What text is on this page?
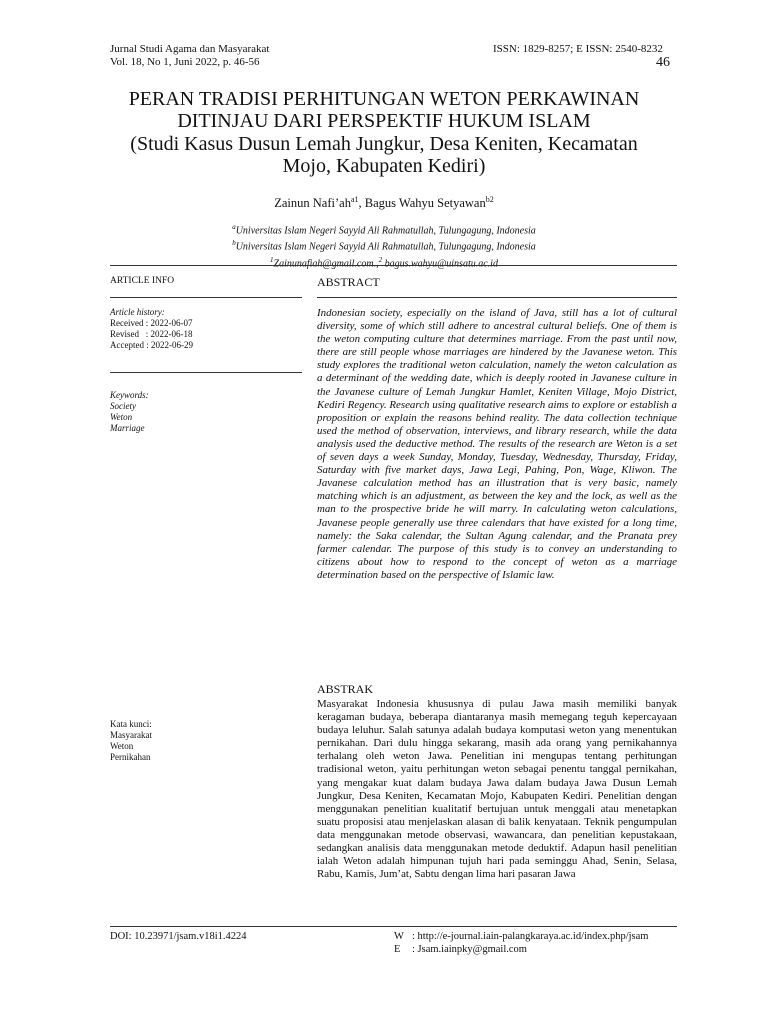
Jurnal Studi Agama dan Masyarakat
Vol. 18, No 1, Juni 2022, p. 46-56
ISSN: 1829-8257; E ISSN: 2540-8232
46
PERAN TRADISI PERHITUNGAN WETON PERKAWINAN
DITINJAU DARI PERSPEKTIF HUKUM ISLAM
(Studi Kasus Dusun Lemah Jungkur, Desa Keniten, Kecamatan
Mojo, Kabupaten Kediri)
Zainun $Nafi’ah^{a1}$, Bagus Wahyu Setyawan$^{b2}$
$^a$Universitas Islam Negeri Sayyid Ali Rahmatullah, Tulungagung, Indonesia
$^b$Universitas Islam Negeri Sayyid Ali Rahmatullah, Tulungagung, Indonesia
$^1$Zainunafiah@gmail.com.,$^2$ bagus.wahyu@uinsatu.ac.id
ARTICLE INFO
Article history:
Received : 2022-06-07
Revised   : 2022-06-18
Accepted : 2022-06-29
Keywords:
Society
Weton
Marriage
Kata kunci:
Masyarakat
Weton
Pernikahan
ABSTRACT
Indonesian society, especially on the island of Java, still has a lot of cultural diversity, some of which still adhere to ancestral cultural beliefs. One of them is the weton computing culture that determines marriage. From the past until now, there are still people whose marriages are hindered by the Javanese weton. This study explores the traditional weton calculation, namely the weton calculation as a determinant of the wedding date, which is deeply rooted in Javanese culture in the Javanese culture of Lemah Jungkur Hamlet, Keniten Village, Mojo District, Kediri Regency. Research using qualitative research aims to explore or establish a proposition or explain the reasons behind reality. The data collection technique used the method of observation, interviews, and library research, while the data analysis used the deductive method. The results of the research are Weton is a set of seven days a week Sunday, Monday, Tuesday, Wednesday, Thursday, Friday, Saturday with five market days, Jawa Legi, Pahing, Pon, Wage, Kliwon. The Javanese calculation method has an illustration that is very basic, namely matching which is an adjustment, as between the key and the lock, as well as the man to the prospective bride he will marry. In calculating weton calculations, Javanese people generally use three calendars that have existed for a long time, namely: the Saka calendar, the Sultan Agung calendar, and the Pranata prey farmer calendar. The purpose of this study is to convey an understanding to citizens about how to respond to the concept of weton as a marriage determination based on the perspective of Islamic law.
ABSTRAK
Masyarakat Indonesia khususnya di pulau Jawa masih memiliki banyak keragaman budaya, beberapa diantaranya masih memegang teguh kepercayaan budaya leluhur. Salah satunya adalah budaya komputasi weton yang menentukan pernikahan. Dari dulu hingga sekarang, masih ada orang yang pernikahannya terhalang oleh weton Jawa. Penelitian ini mengupas tentang perhitungan tradisional weton, yaitu perhitungan weton sebagai penentu tanggal pernikahan, yang mengakar kuat dalam budaya Jawa dalam budaya Jawa Dusun Lemah Jungkur, Desa Keniten, Kecamatan Mojo, Kabupaten Kediri. Penelitian dengan menggunakan penelitian kualitatif bertujuan untuk menggali atau menetapkan suatu proposisi atau menjelaskan alasan di balik kenyataan. Teknik pengumpulan data menggunakan metode observasi, wawancara, dan penelitian kepustakaan, sedangkan analisis data menggunakan metode deduktif. Adapun hasil penelitian ialah Weton adalah himpunan tujuh hari pada seminggu Ahad, Senin, Selasa, Rabu, Kamis, Jum’at, Sabtu dengan lima hari pasaran Jawa
DOI: 10.23971/jsam.v18i1.4224	W : http://e-journal.iain-palangkaraya.ac.id/index.php/jsam
E : Jsam.iainpky@gmail.com
